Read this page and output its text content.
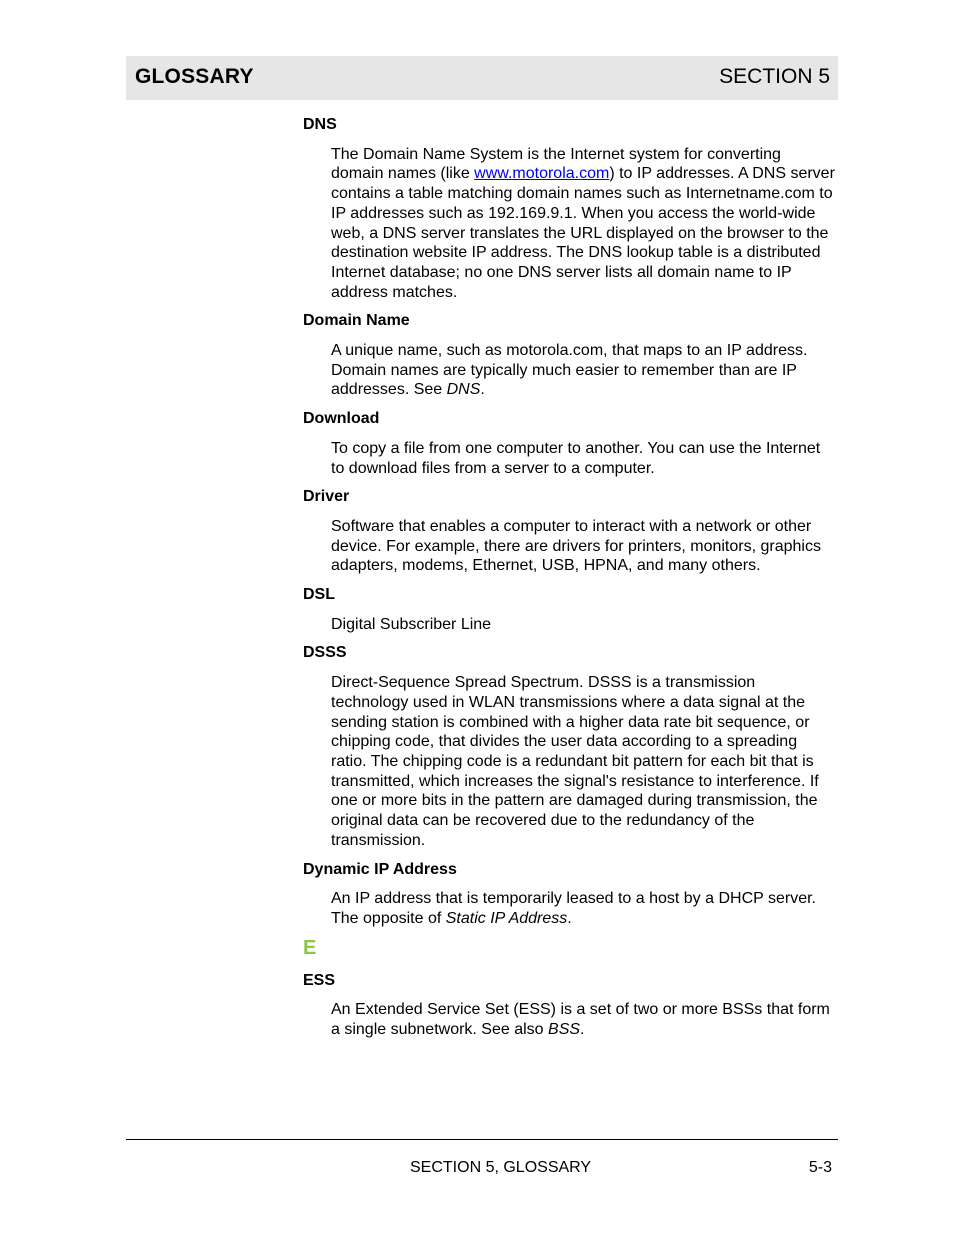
GLOSSARY	SECTION 5
DNS
The Domain Name System is the Internet system for converting domain names (like www.motorola.com) to IP addresses. A DNS server contains a table matching domain names such as Internetname.com to IP addresses such as 192.169.9.1. When you access the world-wide web, a DNS server translates the URL displayed on the browser to the destination website IP address. The DNS lookup table is a distributed Internet database; no one DNS server lists all domain name to IP address matches.
Domain Name
A unique name, such as motorola.com, that maps to an IP address. Domain names are typically much easier to remember than are IP addresses. See DNS.
Download
To copy a file from one computer to another. You can use the Internet to download files from a server to a computer.
Driver
Software that enables a computer to interact with a network or other device. For example, there are drivers for printers, monitors, graphics adapters, modems, Ethernet, USB, HPNA, and many others.
DSL
Digital Subscriber Line
DSSS
Direct-Sequence Spread Spectrum. DSSS is a transmission technology used in WLAN transmissions where a data signal at the sending station is combined with a higher data rate bit sequence, or chipping code, that divides the user data according to a spreading ratio. The chipping code is a redundant bit pattern for each bit that is transmitted, which increases the signal's resistance to interference. If one or more bits in the pattern are damaged during transmission, the original data can be recovered due to the redundancy of the transmission.
Dynamic IP Address
An IP address that is temporarily leased to a host by a DHCP server. The opposite of Static IP Address.
E
ESS
An Extended Service Set (ESS) is a set of two or more BSSs that form a single subnetwork. See also BSS.
SECTION 5, GLOSSARY	5-3
